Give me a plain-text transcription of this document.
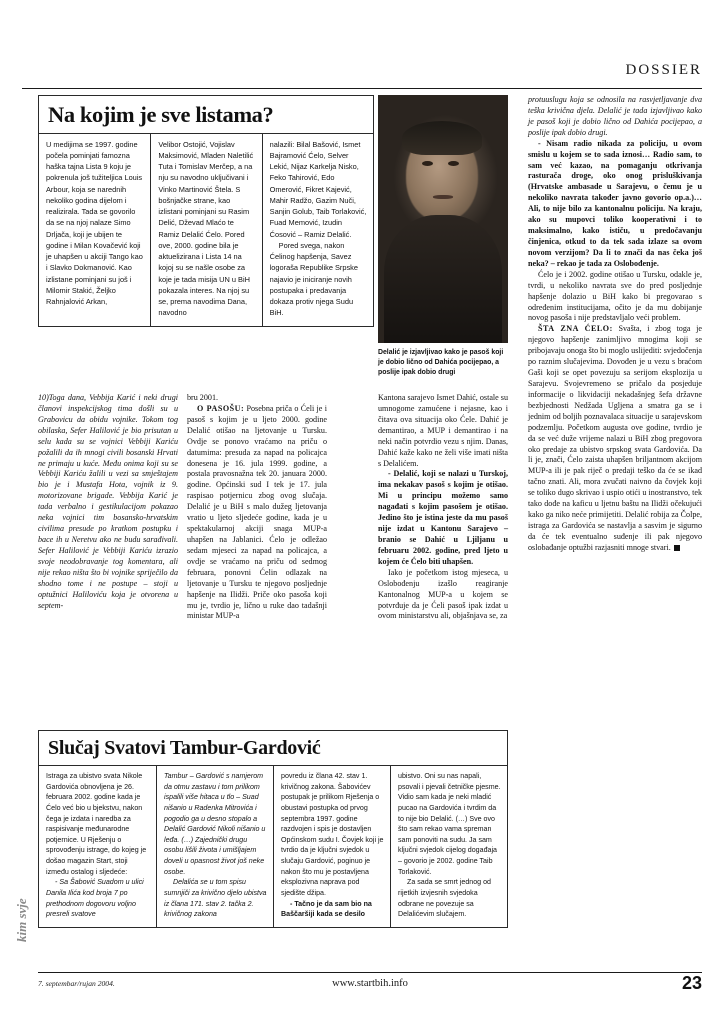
DOSSIER
Na kojim je sve listama?

U medijima se 1997. godine počela pominjati famozna haška tajna Lista 9 koju je pokrenula još tužiteljica Louis Arbour, koja se narednih nekoliko godina dijelom i realizirala. Tada se govorilo da se na njoj nalaze Simo Drljača, koji je ubijen te godine i Milan Kovačević koji je uhapšen u akciji Tango kao i Slavko Dokmanović. Kao izlistane pominjani su još i Milomir Stakić, Željko Rahnjalović Arkan,

Velibor Ostojić, Vojislav Maksimović, Mladen Naletilić Tuta i Tomislav Merčep, a na nju su navodno uključivani i Vinko Martinović Štela. S bošnjačke strane, kao izlistani pominjani su Rasim Delić, Dževad Mlaćo te Ramiz Delalić Ćelo. Pored ove, 2000. godine bila je aktuelizirana i Lista 14 na kojoj su se našle osobe za koje je tada misija UN u BiH pokazala interes. Na njoj su se, prema navodima Dana, navodno

nalazili: Bilal Bašović, Ismet Bajramović Ćelo, Selver Lekić, Nijaz Karkelja Nisko, Feko Tahirović, Edo Omerović, Fikret Kajević, Mahir Radžo, Gazim Nuči, Sanjin Golub, Taib Torlaković, Fuad Memović, Izudin Ćosović – Ramiz Delalić.

Pored svega, nakon Ćelinog hapšenja, Savez logoraša Republike Srpske najavio je iniciranje novih postupaka i predavanja dokaza protiv njega Sudu BiH.

Delalić je izjavljivao kako je pasoš koji je dobio lično od Dahića pocijepao, a poslije ipak dobio drugi

10)Toga dana, Vebbija Karić i neki drugi članovi inspekcijskog tima došli su u Grabovicu da obidu vojnike. Tokom tog obilaska, Sefer Halilović je bio prisutan u selu kada su se vojnici Vebbiji Kariću požalili da ih mnogi civili bosanski Hrvati ne primaju u kuće. Među onima koji su se Vebbiji Kariću žalili u vezi sa smještajem bio je i Mustafa Hota, vojnik iz 9. motorizovane brigade. Vebbija Karić je tada verbalno i gestikulacijom pokazao neka vojnici tim bosansko-hrvatskim civilima presude po kratkom postupku i bace ih u Neretvu ako ne budu sarađivali. Sefer Halilović je Vebbiji Kariću izrazio svoje neodobravanje tog komentara, ali nije rekao ništa što bi vojnike spriječilo da shodno tome i ne postupe – stoji u optužnici Haliloviću koja je otvorena u septem-

bru 2001.

O PASOŠU: Posebna priča o Ćeli je i pasoš s kojim je u ljeto 2000. godine Delalić otišao na ljetovanje u Tursku. Ovdje se ponovo vraćamo na priču o datumima: presuda za napad na policajca donesena je 16. jula 1999. godine, a postala pravosnažna tek 20. januara 2000. godine. Općinski sud I tek je 17. jula raspisao potjernicu zbog ovog slučaja. Delalić je u BiH s malo dužeg ljetovanja vratio u ljeto sljedeće godine, kada je u spektakularnoj akciji snaga MUP-a uhapšen na Jablanici. Ćelo je odležao sedam mjeseci za napad na policajca, a ovdje se vraćamo na priču od sedmog februara, ponovni Ćelin odlazak na ljetovanje u Tursku te njegovo posljednje hapšenje na Ilidži. Priče oko pasoša koji mu je, tvrdio je, lično u ruke dao tadašnji ministar MUP-a

Kantona sarajevo Ismet Dahić, ostale su umnogome zamućene i nejasne, kao i čitava ova situacija oko Ćele. Dahić je demantirao, a MUP i demantirao i na neki način potvrdio vezu s njim. Danas, Dahić kaže kako ne želi više imati ništa s Delalićem.

- Delalić, koji se nalazi u Turskoj, ima nekakav pasoš s kojim je otišao. Mi u principu možemo samo nagađati s kojim pasošem je otišao. Jedino što je istina jeste da mu pasoš nije izdat u Kantonu Sarajevo – branio se Dahić u Ljiljanu u februaru 2002. godine, pred ljeto u kojem će Ćelo biti uhapšen.

Iako je početkom istog mjeseca, u Oslobođenju izašlo reagiranje Kantonalnog MUP-a u kojem se potvrđuje da je Ćeli pasoš ipak izdat u ovom ministarstvu ali, objašnjava se, za

protuuslugu koja se odnosila na rasvjetljavanje dva teška krivična djela. Delalić je tada izjavljivao kako je pasoš koji je dobio lično od Dahića pocijepao, a poslije ipak dobio drugi.

- Nisam radio nikada za policiju, u ovom smislu u kojem se to sada iznosi… Radio sam, to sam već kazao, na pomaganju otkrivanja rasturača droge, oko onog prisluškivanja (Hrvatske ambasade u Sarajevu, o čemu je u nekoliko navrata također javno govorio op.a.)… Ali, to nije bilo za kantonalnu policiju. Na kraju, ako su mupovci toliko kooperativni i to maksimalno, kako ističu, u predočavanju činjenica, otkud to da tek sada izlaze sa ovom novom verzijom? Da li to znači da nas čeka još neka? – rekao je tada za Oslobođenje.

Ćelo je i 2002. godine otišao u Tursku, odakle je, tvrdi, u nekoliko navrata sve do pred posljednje hapšenje dolazio u BiH kako bi pregovarao s određenim institucijama, očito je da mu dobijanje novog pasoša i nije predstavljalo veći problem.

ŠTA ZNA ĆELO: Svašta, i zbog toga je njegovo hapšenje zanimljivo mnogima koji se pribojavaju onoga što bi moglo uslijediti: svjedočenja po raznim slučajevima. Dovođen je u vezu s braćom Gaši koji se opet povezuju sa serijom eksplozija u Sarajevu. Svojevremeno se pričalo da posjeduje informacije o likvidaciji nekadašnjeg šefa državne bezbjednosti Nedžada Ugljena a smatra ga se i jednim od boljih poznavalaca situacije u sarajevskom podzemlju. Početkom augusta ove godine, tvrdio je da se već duže vrijeme nalazi u BiH zbog pregovora oko predaje za ubistvo srpskog svata Gardovića. Da li je, znači, Ćelo zaista uhapšen briljantnom akcijom MUP-a ili je pak riječ o predaji teško da će se ikad tačno znati. Ali, mora zvučati naivno da čovjek koji se toliko dugo skrivao i uspio otići u inostranstvo, tek tako dođe na kaficu u ljetnu baštu na Ilidži očekujući kako ga niko neće primijetiti. Delalić robija za Čolpe, istraga za Gardovića se nastavlja a sasvim je sigurno da će tek eventualno suđenje ili pak njegovo oslobađanje optužbi razjasniti mnoge stvari.

kim svje
Slučaj Svatovi Tambur-Gardović

Istraga za ubistvo svata Nikole Gardovića obnovljena je 26. februara 2002. godine kada je Ćelo već bio u bjekstvu, nakon čega je izdata i naredba za raspisivanje međunarodne potjernice. U Rješenju o sprovođenju istrage, do kojeg je došao magazin Start, stoji između ostalog i sljedeće:

- Sa Šabović Suadom u ulici Danila Ilića kod broja 7 po prethodnom dogovoru voljno presreli svatove

Tambur – Gardović s namjerom da otmu zastavu i tom prilikom ispalili više hitaca u tlo – Suad nišanio u Radenka Mitrovića i pogodio ga u desno stopalo a Delalić Gardović Nikoli nišanio u leđa. (…) Zajednički drugu osobu lišili života i umišljajem doveli u opasnost život još neke osobe.

Delalića se u tom spisu sumnjiči za krivično djelo ubistva iz člana 171. stav 2. tačka 2. krivičnog zakona

povredu iz člana 42. stav 1. krivičnog zakona. Šabovićev postupak je prilikom Rješenja o obustavi postupka od prvog septembra 1997. godine razdvojen i spis je dostavljen Općinskom sudu I. Čovjek koji je tvrdio da je ključni svjedok u slučaju Gardović, poginuo je nakon što mu je postavljena eksplozivna naprava pod sjedište džipa.

- Tačno je da sam bio na Baščaršiji kada se desilo

ubistvo. Oni su nas napali, psovali i pjevali četničke pjesme. Vidio sam kada je neki mladić pucao na Gardovića i tvrdim da to nije bio Delalić. (…) Sve ovo što sam rekao vama spreman sam ponoviti na sudu. Ja sam ključni svjedok cijelog događaja – govorio je 2002. godine Taib Torlaković.

Za sada se smrt jednog od rijetkih izvjesnih svjedoka odbrane ne povezuje sa Delalićevim slučajem.

7. septembar/rujan 2004.	www.startbih.info	23
